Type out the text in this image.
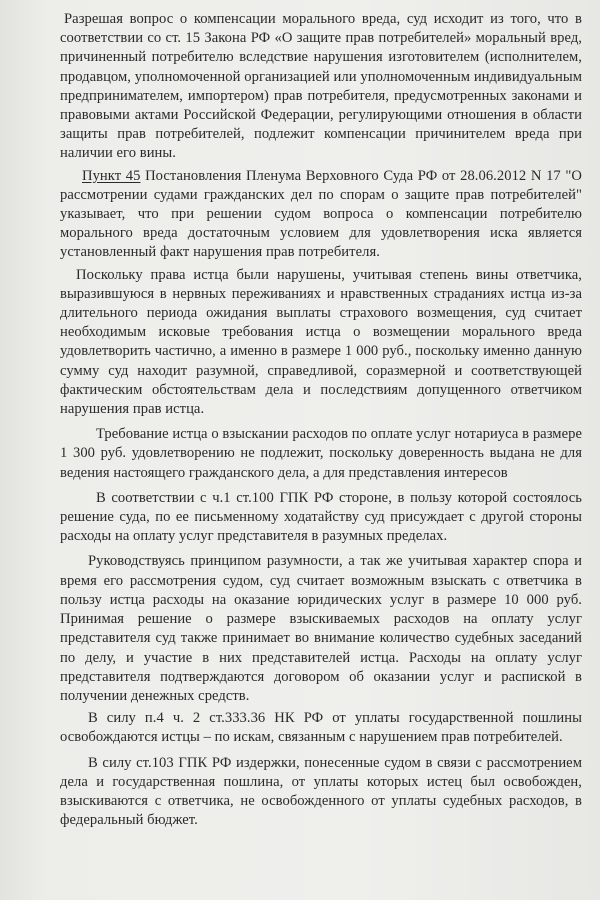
Разрешая вопрос о компенсации морального вреда, суд исходит из того, что в соответствии со ст. 15 Закона РФ «О защите прав потребителей» моральный вред, причиненный потребителю вследствие нарушения изготовителем (исполнителем, продавцом, уполномоченной организацией или уполномоченным индивидуальным предпринимателем, импортером) прав потребителя, предусмотренных законами и правовыми актами Российской Федерации, регулирующими отношения в области защиты прав потребителей, подлежит компенсации причинителем вреда при наличии его вины.

Пункт 45 Постановления Пленума Верховного Суда РФ от 28.06.2012 N 17 "О рассмотрении судами гражданских дел по спорам о защите прав потребителей" указывает, что при решении судом вопроса о компенсации потребителю морального вреда достаточным условием для удовлетворения иска является установленный факт нарушения прав потребителя.

Поскольку права истца были нарушены, учитывая степень вины ответчика, выразившуюся в нервных переживаниях и нравственных страданиях истца из-за длительного периода ожидания выплаты страхового возмещения, суд считает необходимым исковые требования истца о возмещении морального вреда удовлетворить частично, а именно в размере 1 000 руб., поскольку именно данную сумму суд находит разумной, справедливой, соразмерной и соответствующей фактическим обстоятельствам дела и последствиям допущенного ответчиком нарушения прав истца.

Требование истца о взыскании расходов по оплате услуг нотариуса в размере 1 300 руб. удовлетворению не подлежит, поскольку доверенность выдана не для ведения настоящего гражданского дела, а для представления интересов

В соответствии с ч.1 ст.100 ГПК РФ стороне, в пользу которой состоялось решение суда, по ее письменному ходатайству суд присуждает с другой стороны расходы на оплату услуг представителя в разумных пределах.

Руководствуясь принципом разумности, а так же учитывая характер спора и время его рассмотрения судом, суд считает возможным взыскать с ответчика в пользу истца расходы на оказание юридических услуг в размере 10 000 руб. Принимая решение о размере взыскиваемых расходов на оплату услуг представителя суд также принимает во внимание количество судебных заседаний по делу, и участие в них представителей истца. Расходы на оплату услуг представителя подтверждаются договором об оказании услуг и распиской в получении денежных средств.

В силу п.4 ч. 2 ст.333.36 НК РФ от уплаты государственной пошлины освобождаются истцы – по искам, связанным с нарушением прав потребителей.

В силу ст.103 ГПК РФ издержки, понесенные судом в связи с рассмотрением дела и государственная пошлина, от уплаты которых истец был освобожден, взыскиваются с ответчика, не освобожденного от уплаты судебных расходов, в федеральный бюджет.
